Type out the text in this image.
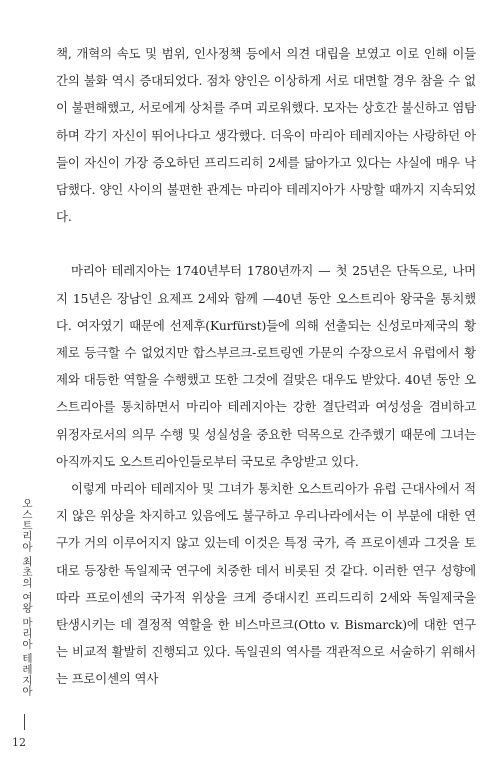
오스트리아 최초의 여왕 마리아 테레지아
12

책, 개혁의 속도 및 범위, 인사정책 등에서 의견 대립을 보였고 이로 인해 이들 간의 불화 역시 증대되었다. 점차 양인은 이상하게 서로 대면할 경우 참을 수 없이 불편해했고, 서로에게 상처를 주며 괴로워했다. 모자는 상호간 불신하고 염탐하며 각기 자신이 뛰어나다고 생각했다. 더욱이 마리아 테레지아는 사랑하던 아들이 자신이 가장 증오하던 프리드리히 2세를 닮아가고 있다는 사실에 매우 낙담했다. 양인 사이의 불편한 관계는 마리아 테레지아가 사망할 때까지 지속되었다.

마리아 테레지아는 1740년부터 1780년까지 — 첫 25년은 단독으로, 나머지 15년은 장남인 요제프 2세와 함께 —40년 동안 오스트리아 왕국을 통치했다. 여자였기 때문에 선제후(Kurfürst)들에 의해 선출되는 신성로마제국의 황제로 등극할 수 없었지만 합스부르크-로트링엔 가문의 수장으로서 유럽에서 황제와 대등한 역할을 수행했고 또한 그것에 걸맞은 대우도 받았다. 40년 동안 오스트리아를 통치하면서 마리아 테레지아는 강한 결단력과 여성성을 겸비하고 위정자로서의 의무 수행 및 성실성을 중요한 덕목으로 간주했기 때문에 그녀는 아직까지도 오스트리아인들로부터 국모로 추앙받고 있다.

이렇게 마리아 테레지아 및 그녀가 통치한 오스트리아가 유럽 근대사에서 적지 않은 위상을 차지하고 있음에도 불구하고 우리나라에서는 이 부분에 대한 연구가 거의 이루어지지 않고 있는데 이것은 특정 국가, 즉 프로이센과 그것을 토대로 등장한 독일제국 연구에 치중한 데서 비롯된 것 같다. 이러한 연구 성향에 따라 프로이센의 국가적 위상을 크게 증대시킨 프리드리히 2세와 독일제국을 탄생시키는 데 결정적 역할을 한 비스마르크(Otto v. Bismarck)에 대한 연구는 비교적 활발히 진행되고 있다. 독일권의 역사를 객관적으로 서술하기 위해서는 프로이센의 역사
